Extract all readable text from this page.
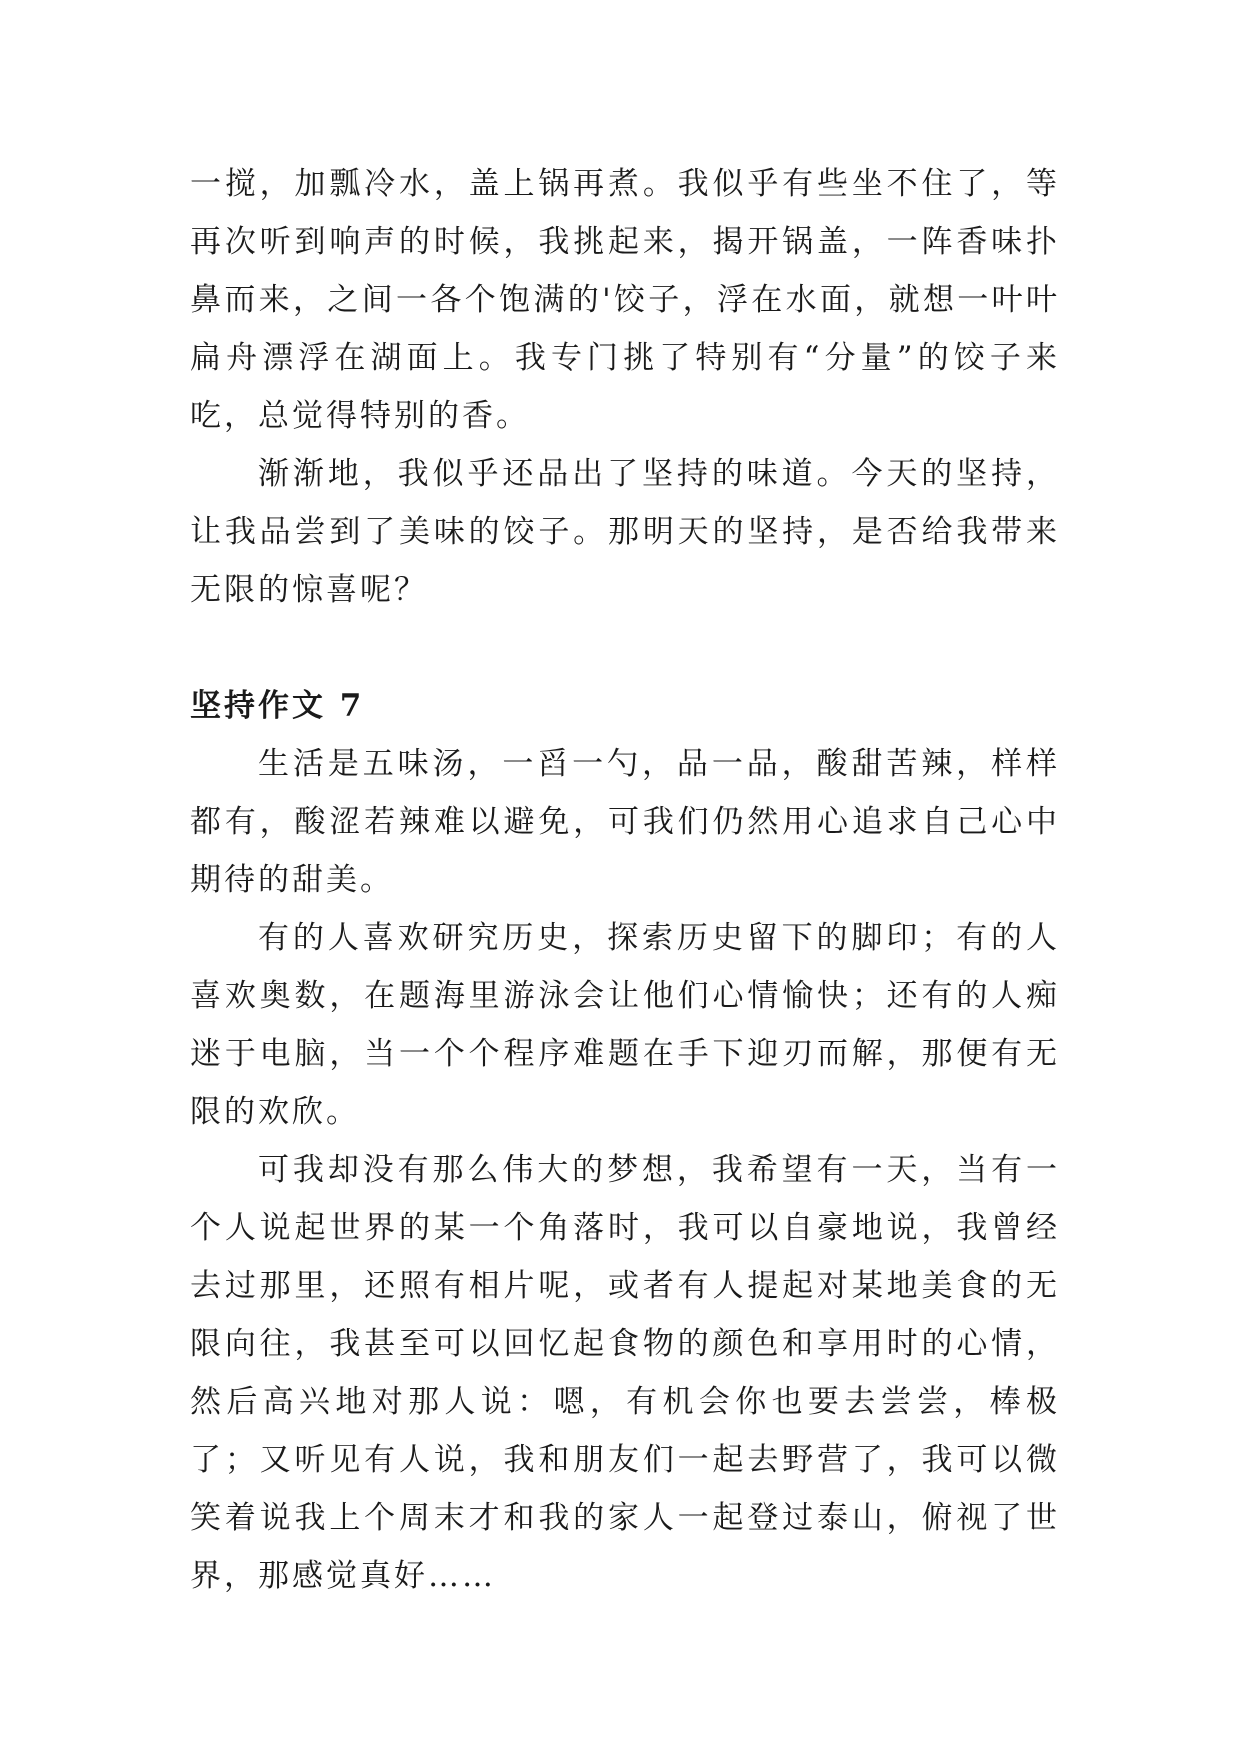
一搅，加瓢冷水，盖上锅再煮。我似乎有些坐不住了，等再次听到响声的时候，我挑起来，揭开锅盖，一阵香味扑鼻而来，之间一各个饱满的'饺子，浮在水面，就想一叶叶扁舟漂浮在湖面上。我专门挑了特别有“分量”的饺子来吃，总觉得特别的香。

渐渐地，我似乎还品出了坚持的味道。今天的坚持，让我品尝到了美味的饺子。那明天的坚持，是否给我带来无限的惊喜呢？

坚持作文 7

生活是五味汤，一舀一勺，品一品，酸甜苦辣，样样都有，酸涩若辣难以避免，可我们仍然用心追求自己心中期待的甜美。

有的人喜欢研究历史，探索历史留下的脚印；有的人喜欢奥数，在题海里游泳会让他们心情愉快；还有的人痴迷于电脑，当一个个程序难题在手下迎刃而解，那便有无限的欢欣。

可我却没有那么伟大的梦想，我希望有一天，当有一个人说起世界的某一个角落时，我可以自豪地说，我曾经去过那里，还照有相片呢，或者有人提起对某地美食的无限向往，我甚至可以回忆起食物的颜色和享用时的心情，然后高兴地对那人说：嗯，有机会你也要去尝尝，棒极了；又听见有人说，我和朋友们一起去野营了，我可以微笑着说我上个周末才和我的家人一起登过泰山，俯视了世界，那感觉真好……
